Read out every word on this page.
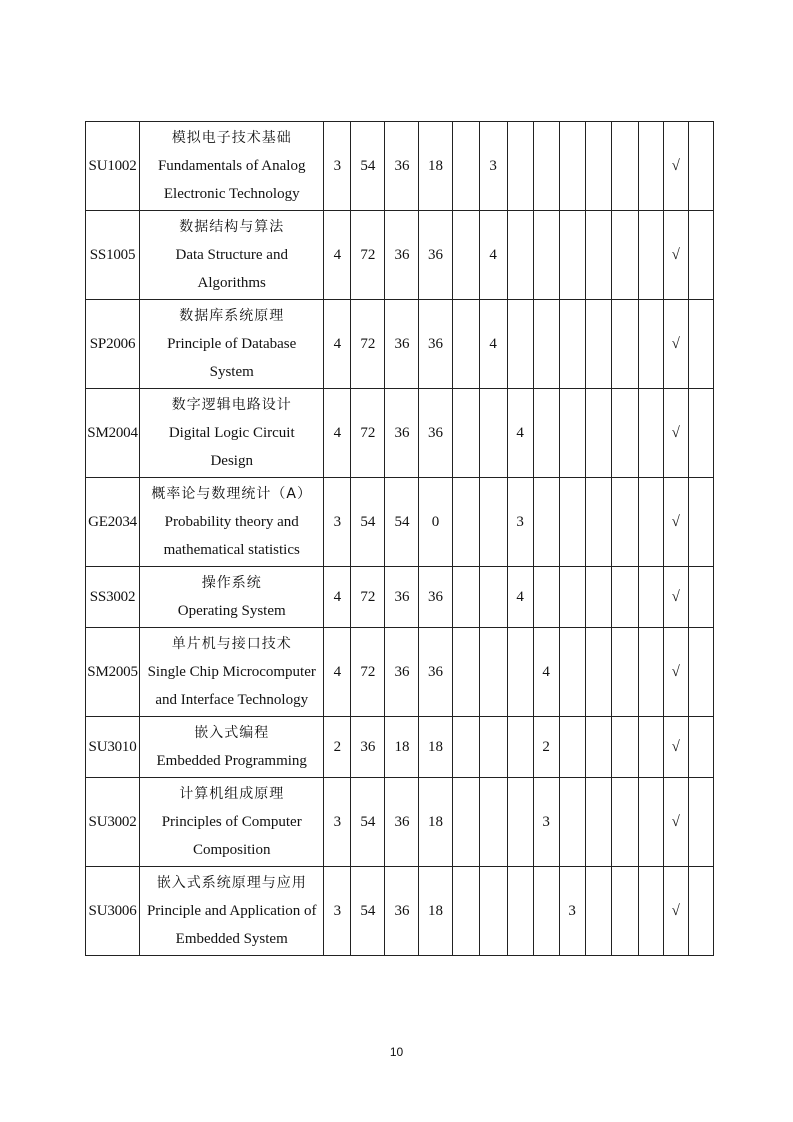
SU1002	模拟电子技术基础
Fundamentals of Analog
Electronic Technology	3	54	36	18		3							√	
SS1005	数据结构与算法
Data Structure and
Algorithms	4	72	36	36		4							√	
SP2006	数据库系统原理
Principle of Database
System	4	72	36	36		4							√	
SM2004	数字逻辑电路设计
Digital Logic Circuit
Design	4	72	36	36			4						√	
GE2034	概率论与数理统计（A）
Probability theory and
mathematical statistics	3	54	54	0			3						√	
SS3002	操作系统
Operating System	4	72	36	36			4						√	
SM2005	单片机与接口技术
Single Chip Microcomputer
and Interface Technology	4	72	36	36				4					√	
SU3010	嵌入式编程
Embedded Programming	2	36	18	18				2					√	
SU3002	计算机组成原理
Principles of Computer
Composition	3	54	36	18				3					√	
SU3006	嵌入式系统原理与应用
Principle and Application of
Embedded System	3	54	36	18					3				√	
10
